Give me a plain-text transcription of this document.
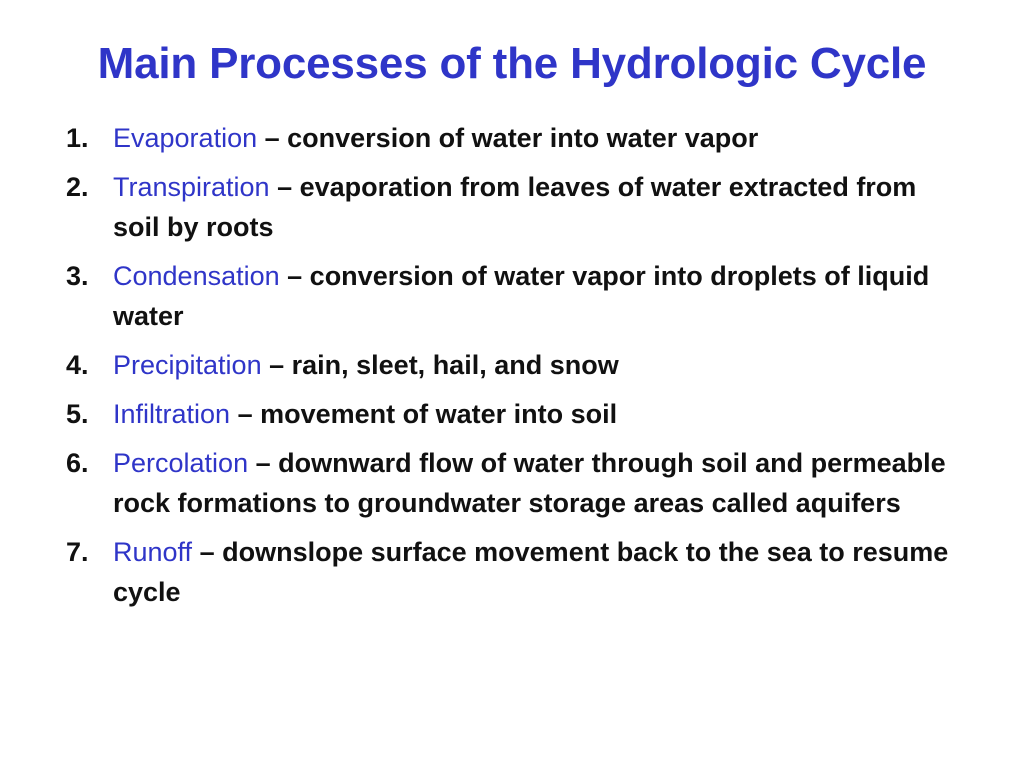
Main Processes of the Hydrologic Cycle
1. Evaporation – conversion of water into water vapor
2. Transpiration – evaporation from leaves of water extracted from soil by roots
3. Condensation – conversion of water vapor into droplets of liquid water
4. Precipitation – rain, sleet, hail, and snow
5. Infiltration – movement of water into soil
6. Percolation – downward flow of water through soil and permeable rock formations to groundwater storage areas called aquifers
7. Runoff – downslope surface movement back to the sea to resume cycle
